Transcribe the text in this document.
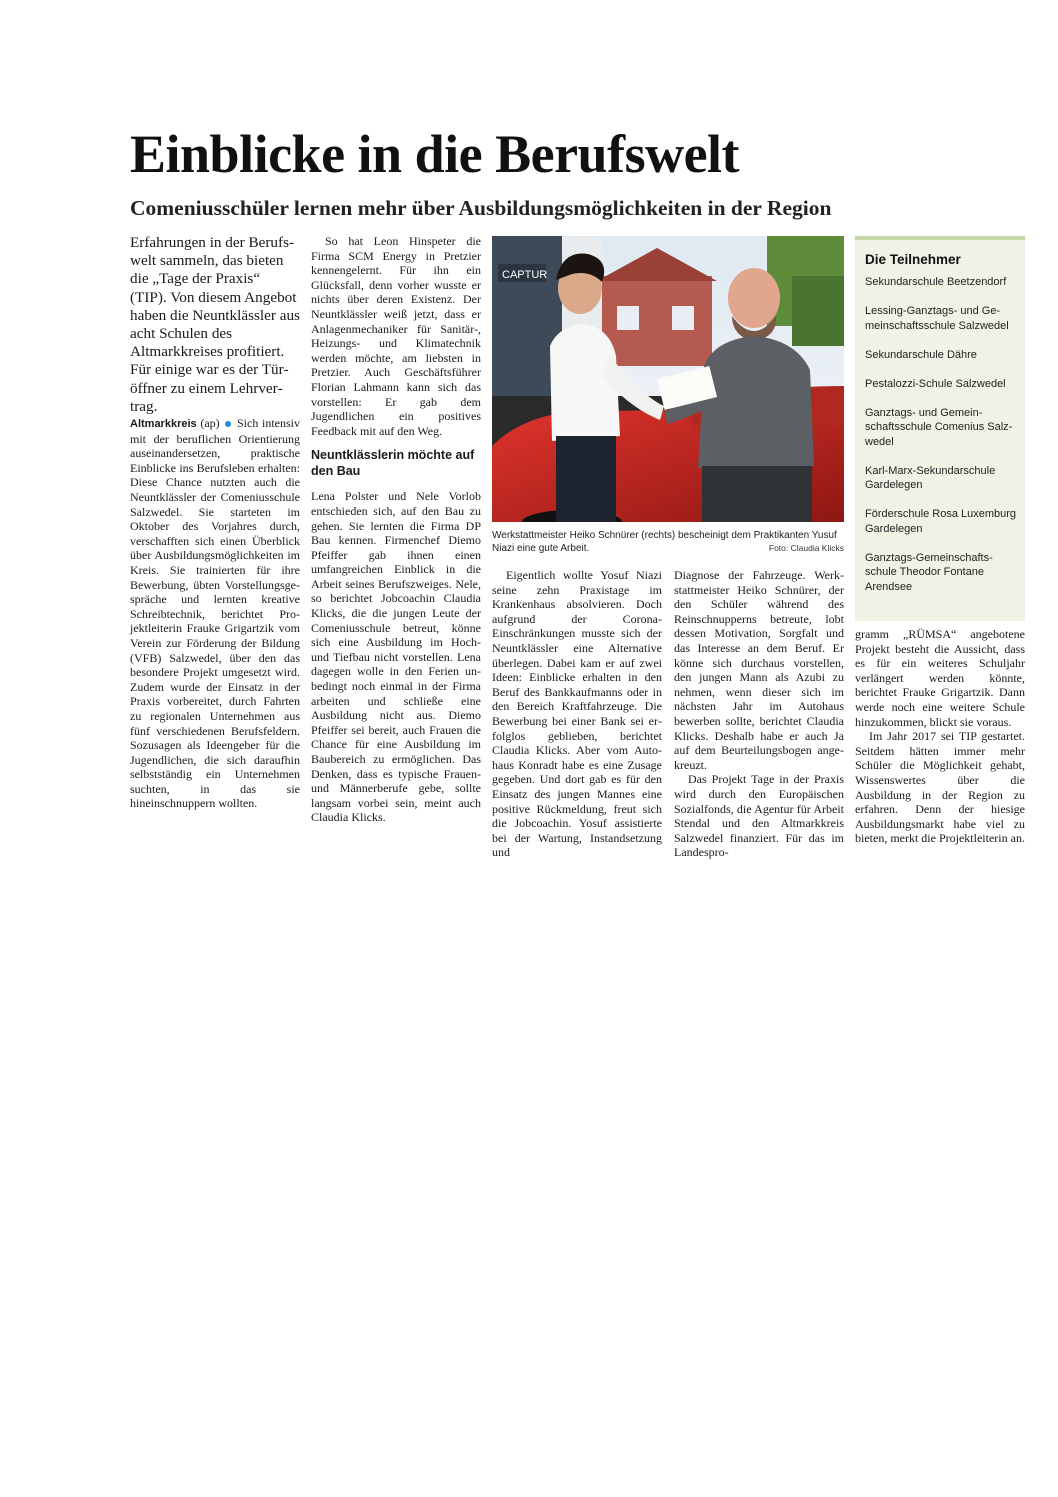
Einblicke in die Berufswelt
Comeniusschüler lernen mehr über Ausbildungsmöglichkeiten in der Region

Erfahrungen in der Berufswelt sammeln, das bieten die „Tage der Praxis“ (TIP). Von diesem Angebot haben die Neuntklässler aus acht Schulen des Altmarkkreises profitiert. Für einige war es der Türöffner zu einem Lehrvertrag.

Altmarkkreis (ap)  Sich intensiv mit der beruflichen Orientierung auseinandersetzen, praktische Einblicke ins Berufsleben erhalten: Diese Chance nutzten auch die Neuntklässler der Comeniusschule Salzwedel. Sie starteten im Oktober des Vorjahres durch, verschafften sich einen Überblick über Ausbildungsmöglichkeiten im Kreis. Sie trainierten für ihre Bewerbung, übten Vorstellungsgespräche und lernten kreative Schreibtechnik, berichtet Projektleiterin Frauke Grigartzik vom Verein zur Förderung der Bildung (VFB) Salzwedel, über den das besondere Projekt umgesetzt wird. Zudem wurde der Einsatz in der Praxis vorbereitet, durch Fahrten zu regionalen Unternehmen aus fünf verschiedenen Berufsfeldern. Sozusagen als Ideengeber für die Jugendlichen, die sich daraufhin selbstständig ein Unternehmen suchten, in das sie hineinschnuppern wollten.

So hat Leon Hinspeter die Firma SCM Energy in Pretzier kennengelernt. Für ihn ein Glücksfall, denn vorher wusste er nichts über deren Existenz. Der Neuntklässler weiß jetzt, dass er Anlagenmechaniker für Sanitär-, Heizungs- und Klimatechnik werden möchte, am liebsten in Pretzier. Auch Geschäftsführer Florian Lahmann kann sich das vorstellen: Er gab dem Jugendlichen ein positives Feedback mit auf den Weg.

Neuntklässlerin möchte auf den Bau

Lena Polster und Nele Vorlob entschieden sich, auf den Bau zu gehen. Sie lernten die Firma DP Bau kennen. Firmenchef Diemo Pfeiffer gab ihnen einen umfangreichen Einblick in die Arbeit seines Berufszweiges. Nele, so berichtet Jobcoachin Claudia Klicks, die die jungen Leute der Comeniusschule betreut, könne sich eine Ausbildung im Hoch- und Tiefbau nicht vorstellen. Lena dagegen wolle in den Ferien unbedingt noch einmal in der Firma arbeiten und schließe eine Ausbildung nicht aus. Diemo Pfeiffer sei bereit, auch Frauen die Chance für eine Ausbildung im Baubereich zu ermöglichen. Das Denken, dass es typische Frauen- und Männerberufe gebe, sollte langsam vorbei sein, meint auch Claudia Klicks.

CAPTUR
Werkstattmeister Heiko Schnürer (rechts) bescheinigt dem Praktikanten Yusuf Niazi eine gute Arbeit.	Foto: Claudia Klicks
Die Teilnehmer
Sekundarschule Beetzendorf
Lessing-Ganztags- und Gemeinschaftsschule Salzwedel
Sekundarschule Dähre
Pestalozzi-Schule Salzwedel
Ganztags- und Gemeinschaftsschule Comenius Salzwedel
Karl-Marx-Sekundarschule Gardelegen
Förderschule Rosa Luxemburg Gardelegen
Ganztags-Gemeinschaftsschule Theodor Fontane Arendsee

Eigentlich wollte Yosuf Niazi seine zehn Praxistage im Krankenhaus absolvieren. Doch aufgrund der Corona-Einschränkungen musste sich der Neuntklässler eine Alternative überlegen. Dabei kam er auf zwei Ideen: Einblicke erhalten in den Beruf des Bankkaufmanns oder in den Bereich Kraftfahrzeuge. Die Bewerbung bei einer Bank sei erfolglos geblieben, berichtet Claudia Klicks. Aber vom Autohaus Konradt habe es eine Zusage gegeben. Und dort gab es für den Einsatz des jungen Mannes eine positive Rückmeldung, freut sich die Jobcoachin. Yosuf assistierte bei der Wartung, Instandsetzung und

Diagnose der Fahrzeuge. Werkstattmeister Heiko Schnürer, der den Schüler während des Reinschnupperns betreute, lobt dessen Motivation, Sorgfalt und das Interesse an dem Beruf. Er könne sich durchaus vorstellen, den jungen Mann als Azubi zu nehmen, wenn dieser sich im nächsten Jahr im Autohaus bewerben sollte, berichtet Claudia Klicks. Deshalb habe er auch Ja auf dem Beurteilungsbogen angekreuzt.

Das Projekt Tage in der Praxis wird durch den Europäischen Sozialfonds, die Agentur für Arbeit Stendal und den Altmarkkreis Salzwedel finanziert. Für das im Landespro-

gramm „RÜMSA“ angebotene Projekt besteht die Aussicht, dass es für ein weiteres Schuljahr verlängert werden könnte, berichtet Frauke Grigartzik. Dann werde noch eine weitere Schule hinzukommen, blickt sie voraus.

Im Jahr 2017 sei TIP gestartet. Seitdem hätten immer mehr Schüler die Möglichkeit gehabt, Wissenswertes über die Ausbildung in der Region zu erfahren. Denn der hiesige Ausbildungsmarkt habe viel zu bieten, merkt die Projektleiterin an.
